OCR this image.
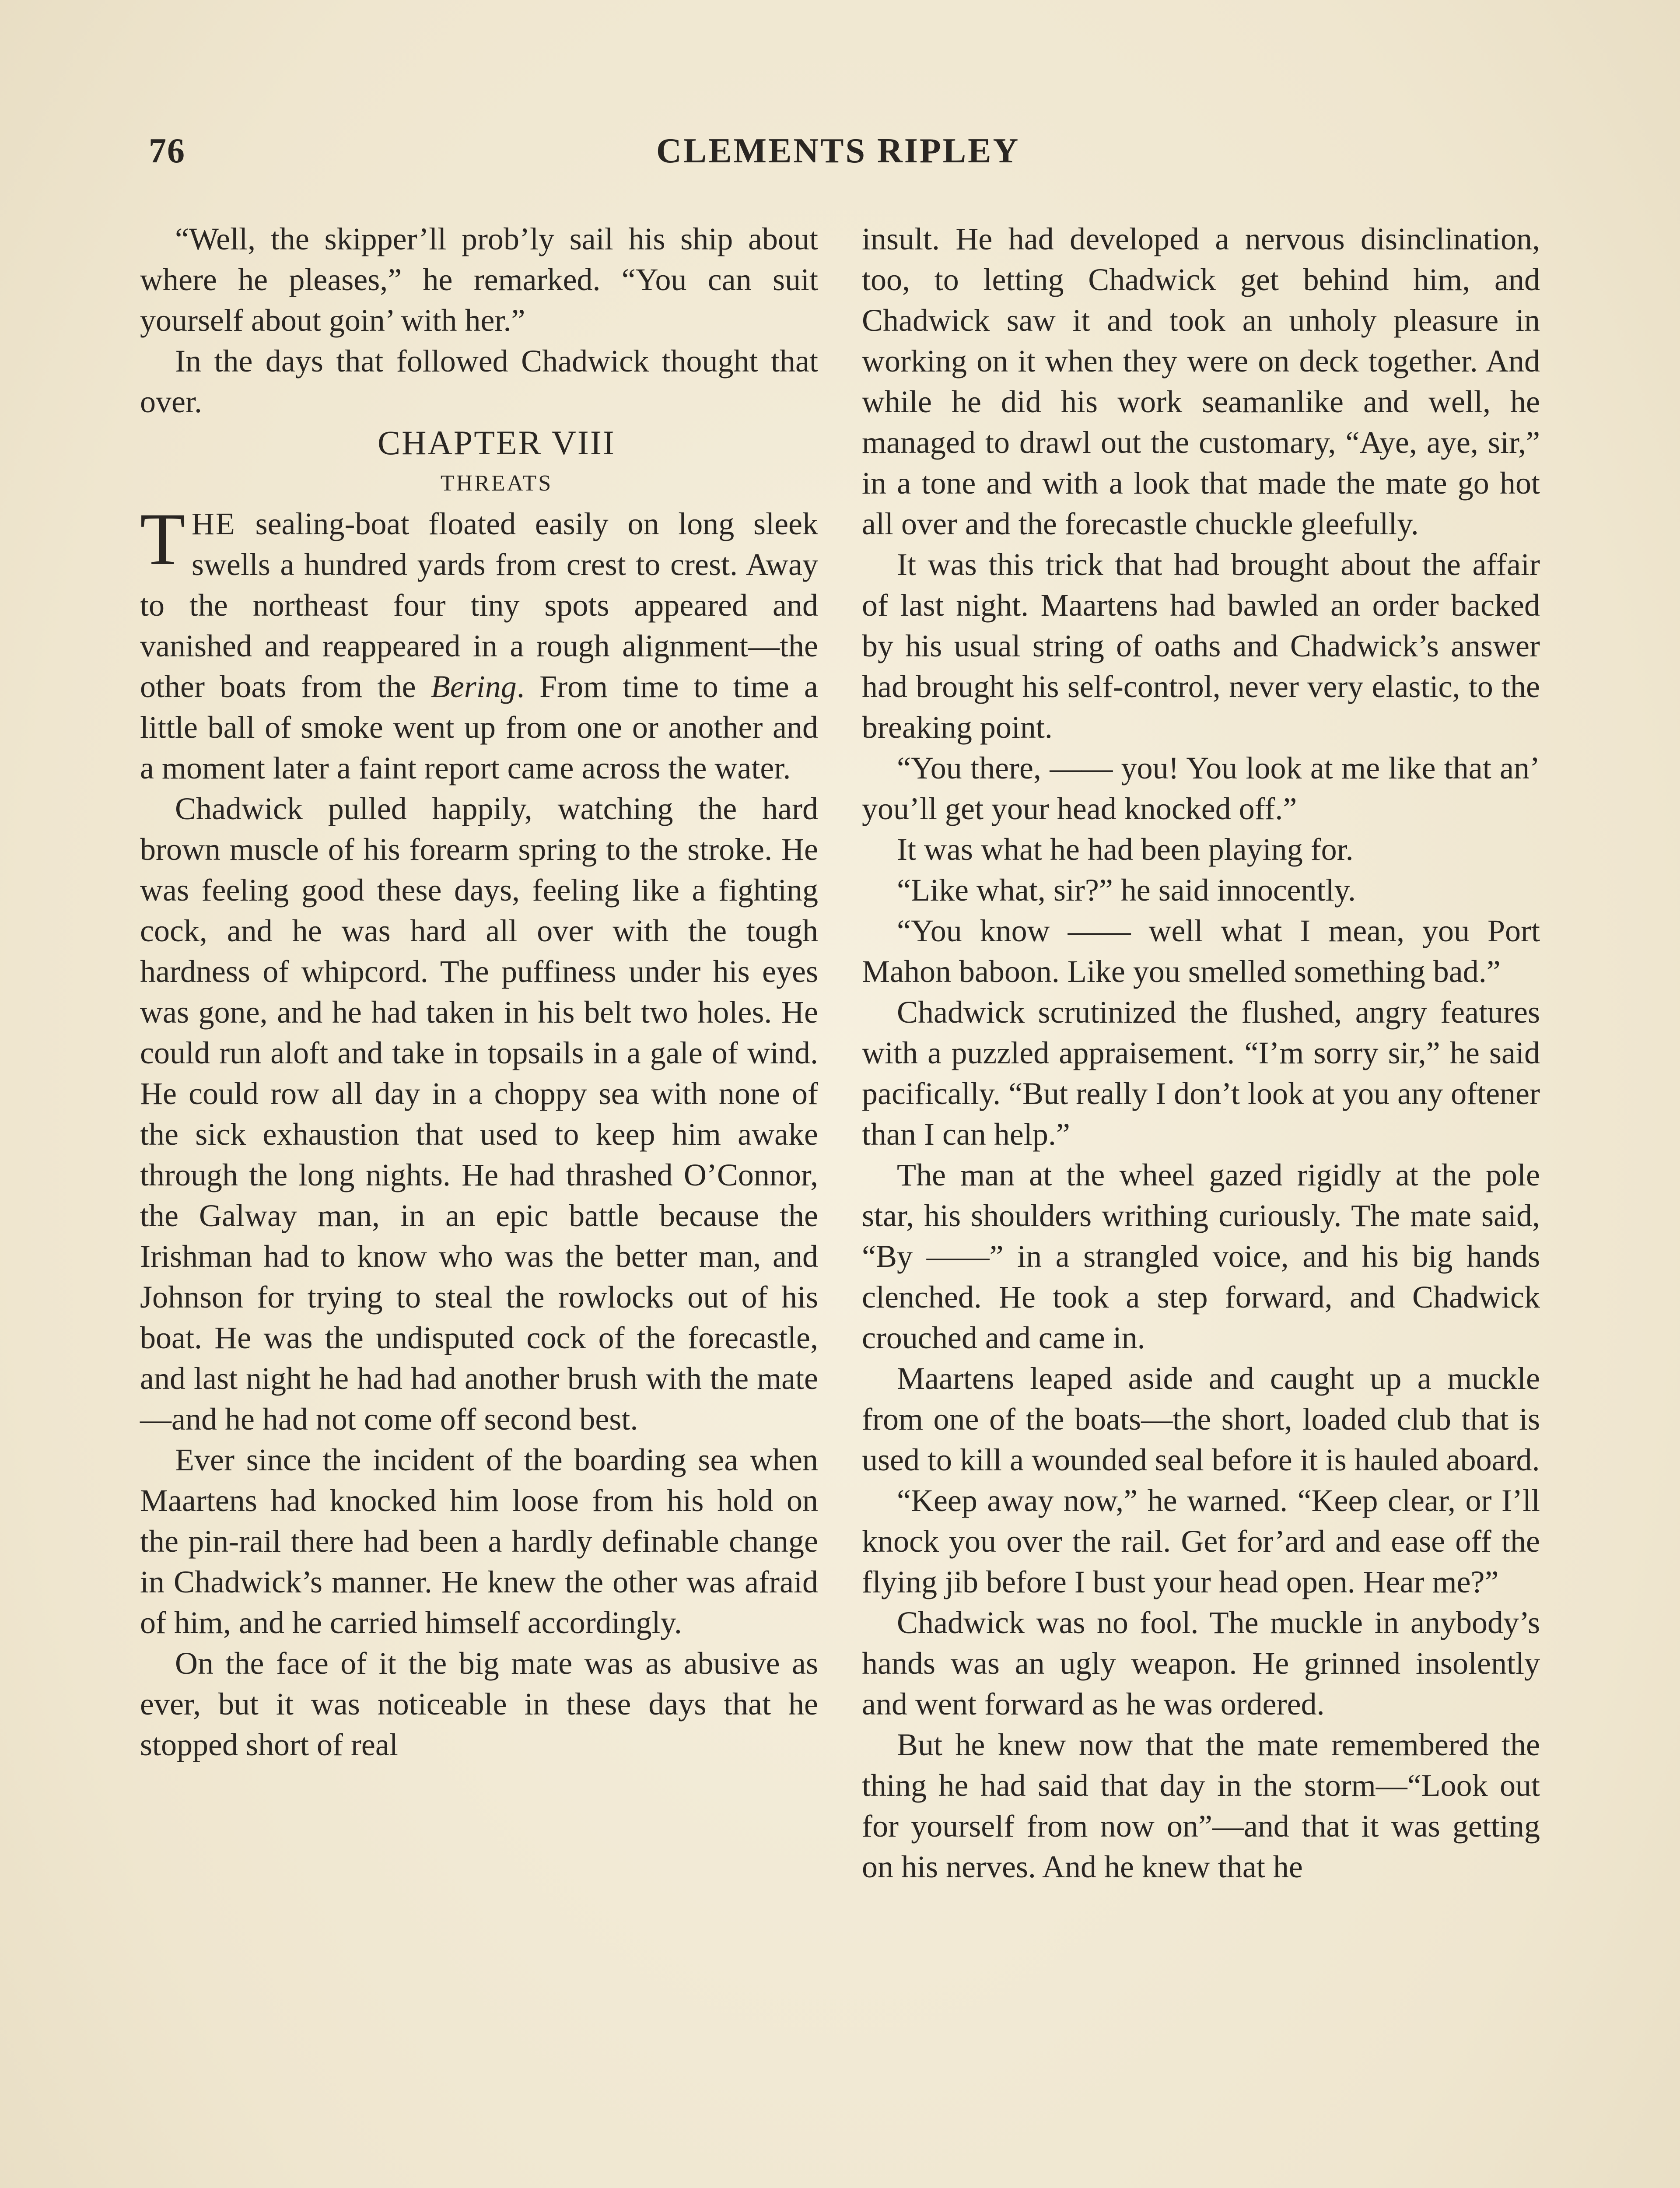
76	CLEMENTS RIPLEY

“Well, the skipper’ll prob’ly sail his ship about where he pleases,” he remarked. “You can suit yourself about goin’ with her.”

In the days that followed Chadwick thought that over.

CHAPTER VIII

THREATS

THE sealing-boat floated easily on long sleek swells a hundred yards from crest to crest. Away to the northeast four tiny spots appeared and vanished and reappeared in a rough alignment—the other boats from the Bering. From time to time a little ball of smoke went up from one or another and a moment later a faint report came across the water.

Chadwick pulled happily, watching the hard brown muscle of his forearm spring to the stroke. He was feeling good these days, feeling like a fighting cock, and he was hard all over with the tough hardness of whipcord. The puffiness under his eyes was gone, and he had taken in his belt two holes. He could run aloft and take in topsails in a gale of wind. He could row all day in a choppy sea with none of the sick exhaustion that used to keep him awake through the long nights. He had thrashed O’Connor, the Galway man, in an epic battle because the Irishman had to know who was the better man, and Johnson for trying to steal the rowlocks out of his boat. He was the undisputed cock of the forecastle, and last night he had had another brush with the mate—and he had not come off second best.

Ever since the incident of the boarding sea when Maartens had knocked him loose from his hold on the pin-rail there had been a hardly definable change in Chadwick’s manner. He knew the other was afraid of him, and he carried himself accordingly.

On the face of it the big mate was as abusive as ever, but it was noticeable in these days that he stopped short of real

insult. He had developed a nervous disinclination, too, to letting Chadwick get behind him, and Chadwick saw it and took an unholy pleasure in working on it when they were on deck together. And while he did his work seamanlike and well, he managed to drawl out the customary, “Aye, aye, sir,” in a tone and with a look that made the mate go hot all over and the forecastle chuckle gleefully.

It was this trick that had brought about the affair of last night. Maartens had bawled an order backed by his usual string of oaths and Chadwick’s answer had brought his self-control, never very elastic, to the breaking point.

“You there, —— you! You look at me like that an’ you’ll get your head knocked off.”

It was what he had been playing for.

“Like what, sir?” he said innocently.

“You know —— well what I mean, you Port Mahon baboon. Like you smelled something bad.”

Chadwick scrutinized the flushed, angry features with a puzzled appraisement. “I’m sorry sir,” he said pacifically. “But really I don’t look at you any oftener than I can help.”

The man at the wheel gazed rigidly at the pole star, his shoulders writhing curiously. The mate said, “By ——” in a strangled voice, and his big hands clenched. He took a step forward, and Chadwick crouched and came in.

Maartens leaped aside and caught up a muckle from one of the boats—the short, loaded club that is used to kill a wounded seal before it is hauled aboard.

“Keep away now,” he warned. “Keep clear, or I’ll knock you over the rail. Get for’ard and ease off the flying jib before I bust your head open. Hear me?”

Chadwick was no fool. The muckle in anybody’s hands was an ugly weapon. He grinned insolently and went forward as he was ordered.

But he knew now that the mate remembered the thing he had said that day in the storm—“Look out for yourself from now on”—and that it was getting on his nerves. And he knew that he
